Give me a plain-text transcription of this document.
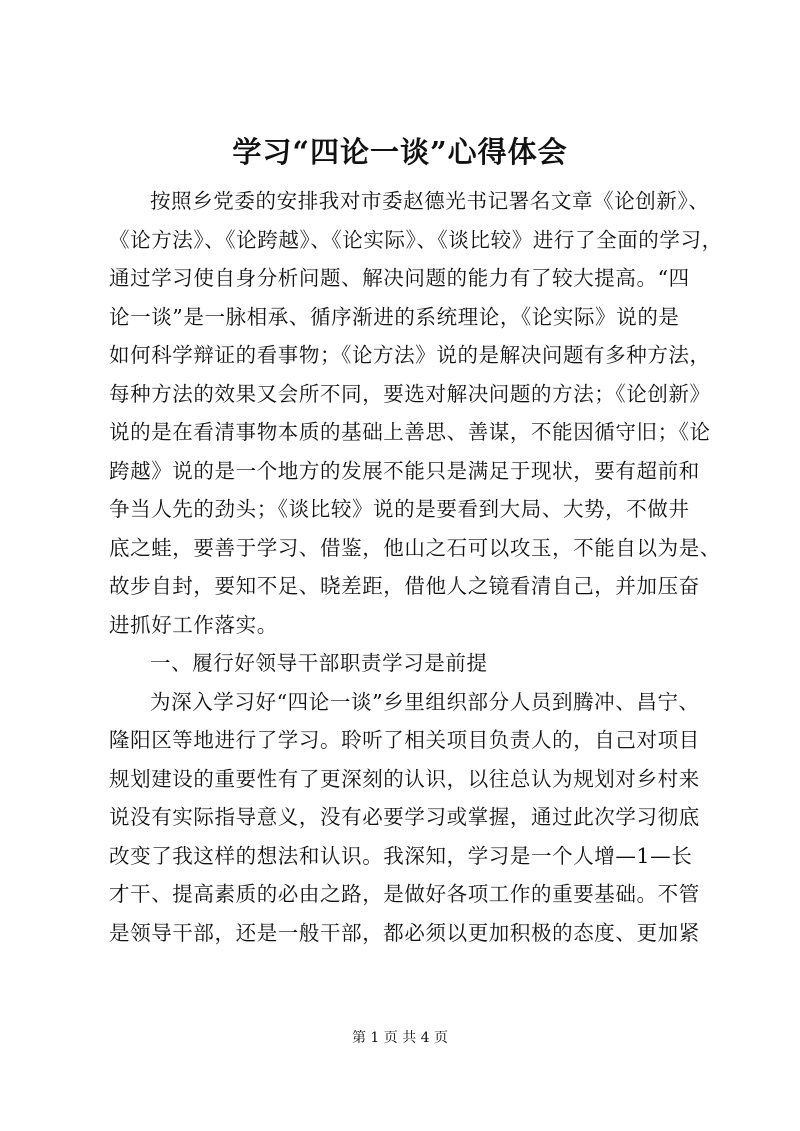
学习“四论一谈”心得体会
按照乡党委的安排我对市委赵德光书记署名文章《论创新》、
《论方法》、《论跨越》、《论实际》、《谈比较》进行了全面的学习，
通过学习使自身分析问题、解决问题的能力有了较大提高。“四
论一谈”是一脉相承、循序渐进的系统理论，《论实际》说的是
如何科学辩证的看事物；《论方法》说的是解决问题有多种方法，
每种方法的效果又会所不同，要选对解决问题的方法；《论创新》
说的是在看清事物本质的基础上善思、善谋，不能因循守旧；《论
跨越》说的是一个地方的发展不能只是满足于现状，要有超前和
争当人先的劲头；《谈比较》说的是要看到大局、大势，不做井
底之蛙，要善于学习、借鉴，他山之石可以攻玉，不能自以为是、
故步自封，要知不足、晓差距，借他人之镜看清自己，并加压奋
进抓好工作落实。
一、履行好领导干部职责学习是前提
为深入学习好“四论一谈”乡里组织部分人员到腾冲、昌宁、
隆阳区等地进行了学习。聆听了相关项目负责人的，自己对项目
规划建设的重要性有了更深刻的认识，以往总认为规划对乡村来
说没有实际指导意义，没有必要学习或掌握，通过此次学习彻底
改变了我这样的想法和认识。我深知，学习是一个人增—1—长
才干、提高素质的必由之路，是做好各项工作的重要基础。不管
是领导干部，还是一般干部，都必须以更加积极的态度、更加紧
第 1 页 共 4 页
